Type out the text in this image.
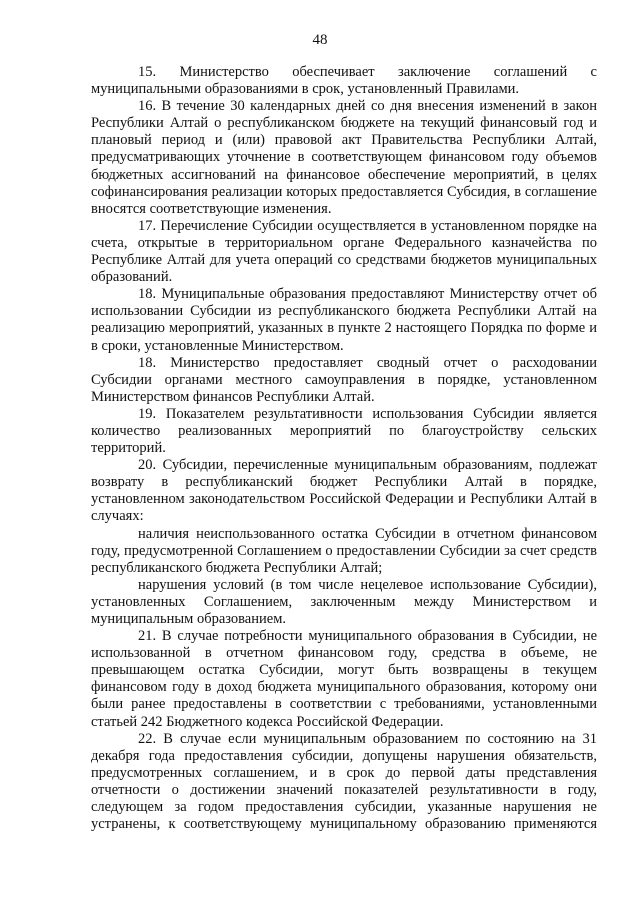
48

15. Министерство обеспечивает заключение соглашений с муниципальными образованиями в срок, установленный Правилами.

16. В течение 30 календарных дней со дня внесения изменений в закон Республики Алтай о республиканском бюджете на текущий финансовый год и плановый период и (или) правовой акт Правительства Республики Алтай, предусматривающих уточнение в соответствующем финансовом году объемов бюджетных ассигнований на финансовое обеспечение мероприятий, в целях софинансирования реализации которых предоставляется Субсидия, в соглашение вносятся соответствующие изменения.

17. Перечисление Субсидии осуществляется в установленном порядке на счета, открытые в территориальном органе Федерального казначейства по Республике Алтай для учета операций со средствами бюджетов муниципальных образований.

18. Муниципальные образования предоставляют Министерству отчет об использовании Субсидии из республиканского бюджета Республики Алтай на реализацию мероприятий, указанных в пункте 2 настоящего Порядка по форме и в сроки, установленные Министерством.

18. Министерство предоставляет сводный отчет о расходовании Субсидии органами местного самоуправления в порядке, установленном Министерством финансов Республики Алтай.

19. Показателем результативности использования Субсидии является количество реализованных мероприятий по благоустройству сельских территорий.

20. Субсидии, перечисленные муниципальным образованиям, подлежат возврату в республиканский бюджет Республики Алтай в порядке, установленном законодательством Российской Федерации и Республики Алтай в случаях:

наличия неиспользованного остатка Субсидии в отчетном финансовом году, предусмотренной Соглашением о предоставлении Субсидии за счет средств республиканского бюджета Республики Алтай;

нарушения условий (в том числе нецелевое использование Субсидии), установленных Соглашением, заключенным между Министерством и муниципальным образованием.

21. В случае потребности муниципального образования в Субсидии, не использованной в отчетном финансовом году, средства в объеме, не превышающем остатка Субсидии, могут быть возвращены в текущем финансовом году в доход бюджета муниципального образования, которому они были ранее предоставлены в соответствии с требованиями, установленными статьей 242 Бюджетного кодекса Российской Федерации.

22. В случае если муниципальным образованием по состоянию на 31 декабря года предоставления субсидии, допущены нарушения обязательств, предусмотренных соглашением, и в срок до первой даты представления отчетности о достижении значений показателей результативности в году, следующем за годом предоставления субсидии, указанные нарушения не устранены, к соответствующему муниципальному образованию применяются
